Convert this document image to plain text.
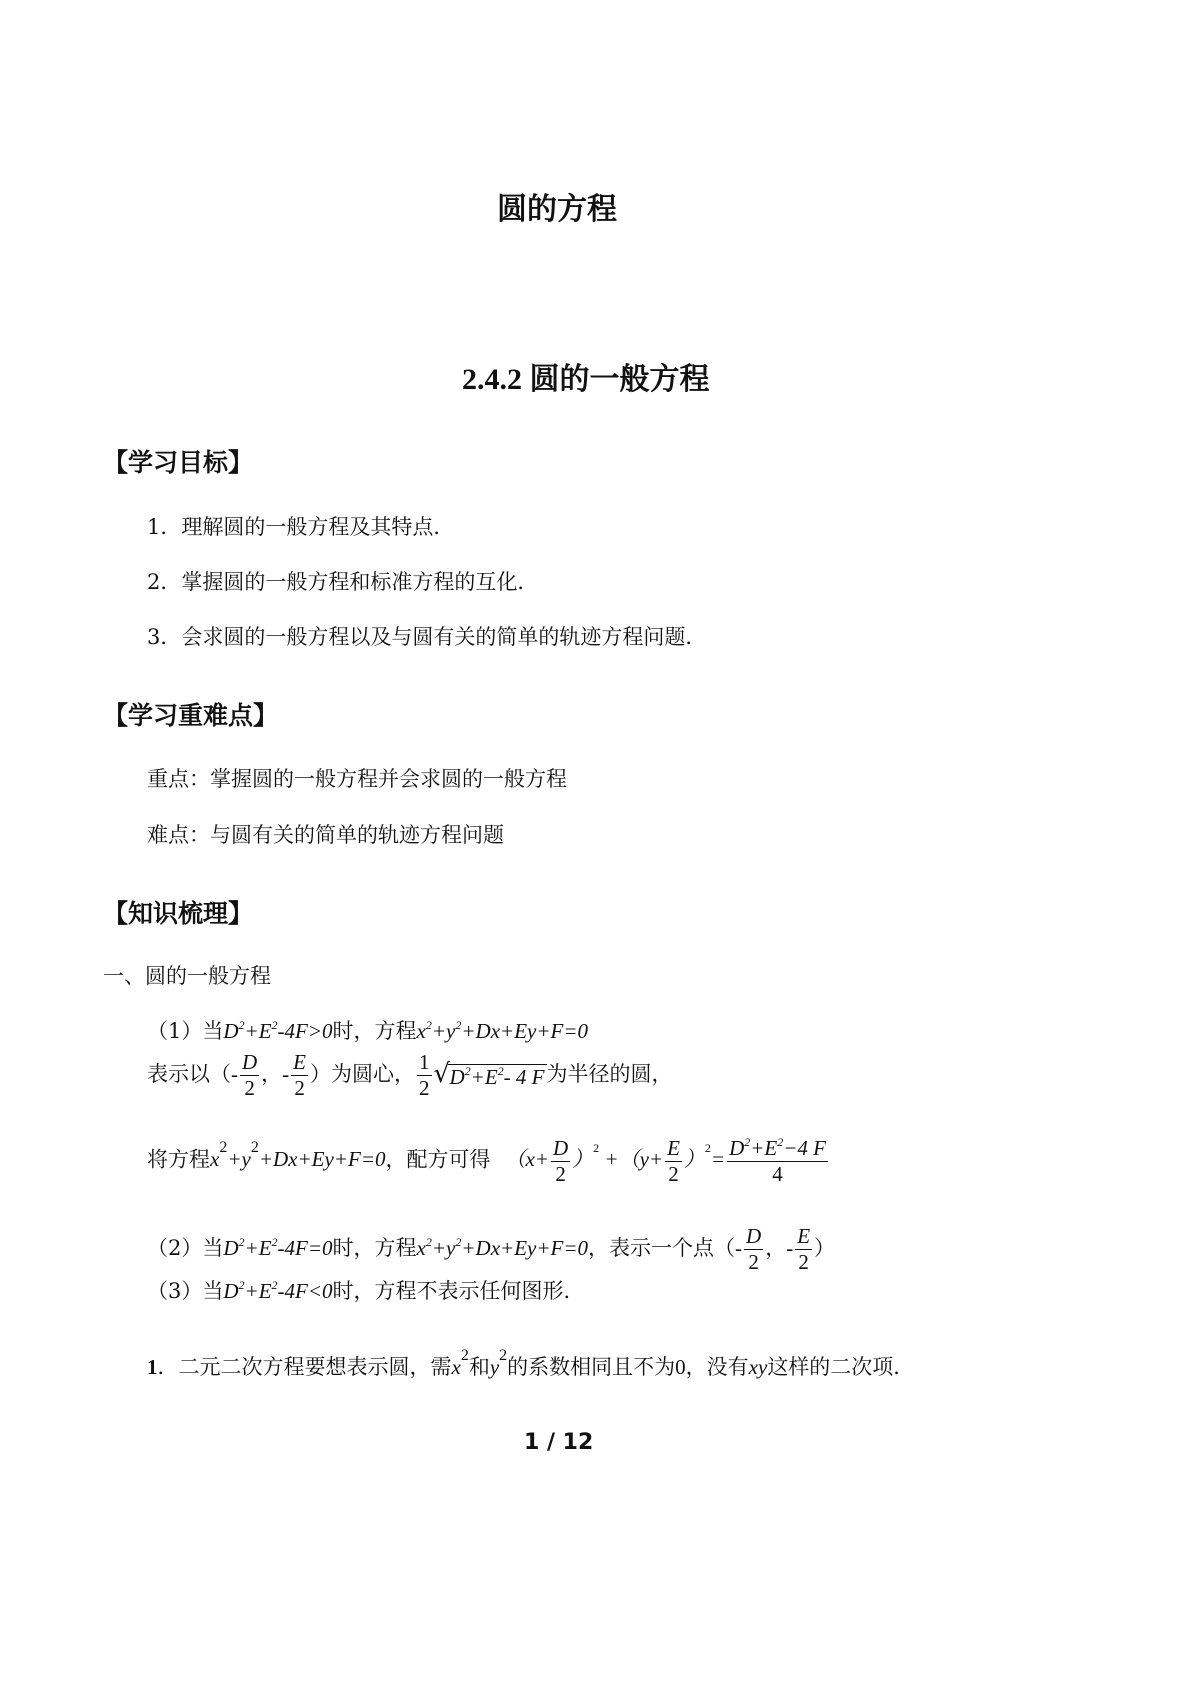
圆的方程
2.4.2 圆的一般方程
【学习目标】
1．理解圆的一般方程及其特点．
2．掌握圆的一般方程和标准方程的互化．
3．会求圆的一般方程以及与圆有关的简单的轨迹方程问题．
【学习重难点】
重点：掌握圆的一般方程并会求圆的一般方程
难点：与圆有关的简单的轨迹方程问题
【知识梳理】
一、圆的一般方程
（1）当$D^2+E^2-4F>0$时，方程$x^2+y^2+Dx+Ey+F=0$
表示以（- $\frac{D}{2}$ ，- $\frac{E}{2}$ ）为圆心， $\frac{1}{2}$ √ $D^2+E^2-$ 4 F为半径的圆，
将方程$x^2+y^2+Dx+Ey+F=0$，配方可得 $(x+ \frac{D}{2} )^2 +(y+ \frac{E}{2} )^2= \frac{D^2+E^2-4 F}{4}$
（2）当$D^2+E^2-4F=0$时，方程$x^2+y^2+Dx+Ey+F=0$，表示一个点（- $\frac{D}{2}$ ，- $\frac{E}{2}$ ）
（3）当$D^2+E^2-4F<0$时，方程不表示任何图形．
1．二元二次方程要想表示圆，需$x^2$和$y^2$的系数相同且不为0，没有xy这样的二次项．
1 / 12
